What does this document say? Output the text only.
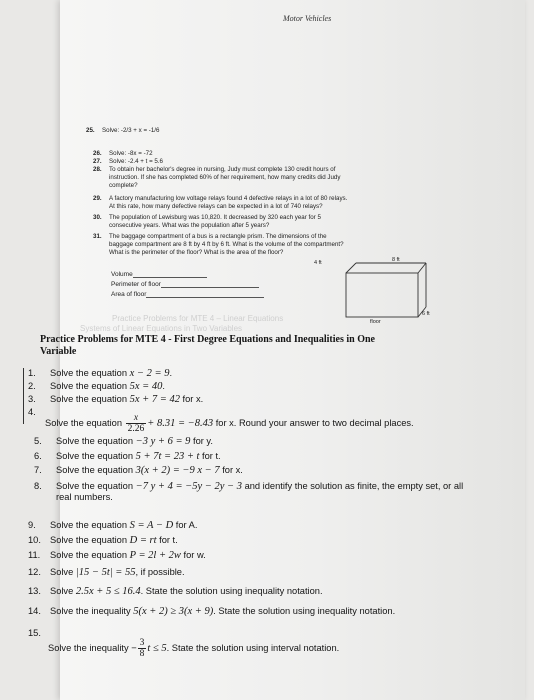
Motor Vehicles
25. Solve: -2/3 + x = -1/6
26. Solve: -8x = -72
27. Solve: -2.4 + t = 5.6
28. To obtain her bachelor's degree in nursing, Judy must complete 130 credit hours of
instruction. If she has completed 60% of her requirement, how many credits did Judy
complete?
29. A factory manufacturing low voltage relays found 4 defective relays in a lot of 80 relays.
At this rate, how many defective relays can be expected in a lot of 740 relays?
30. The population of Lewisburg was 10,820. It decreased by 320 each year for 5
consecutive years. What was the population after 5 years?
31. The baggage compartment of a bus is a rectangle prism. The dimensions of the
baggage compartment are 8 ft by 4 ft by 6 ft. What is the volume of the compartment?
What is the perimeter of the floor? What is the area of the floor?
Volume
Perimeter of floor
Area of floor
8 ft
4 ft
6 ft
floor
Practice Problems for MTE 4 – Linear Equations
Systems of Linear Equations in Two Variables
Practice Problems for MTE 4 - First Degree Equations and Inequalities in One
Variable
1. Solve the equation x − 2 = 9.
2. Solve the equation 5x = 40.
3. Solve the equation 5x + 7 = 42 for x.
4.
Solve the equation $\frac{x}{2.26} + 8.31 = -8.43$ for x. Round your answer to two decimal places.
5. Solve the equation −3 y + 6 = 9 for y.
6. Solve the equation 5 + 7t = 23 + t for t.
7. Solve the equation 3(x + 2) = −9 x − 7 for x.
8. Solve the equation −7 y + 4 = −5y − 2y − 3 and identify the solution as finite, the empty set, or all
real numbers.
9. Solve the equation S = A − D for A.
10. Solve the equation D = rt for t.
11. Solve the equation P = 2l + 2w for w.
12. Solve |15 − 5t| = 55, if possible.
13. Solve 2.5x + 5 ≤ 16.4. State the solution using inequality notation.
14. Solve the inequality 5(x + 2) ≥ 3(x + 9). State the solution using inequality notation.
15.
Solve the inequality − $\frac{3}{8}$ t ≤ 5. State the solution using interval notation.
